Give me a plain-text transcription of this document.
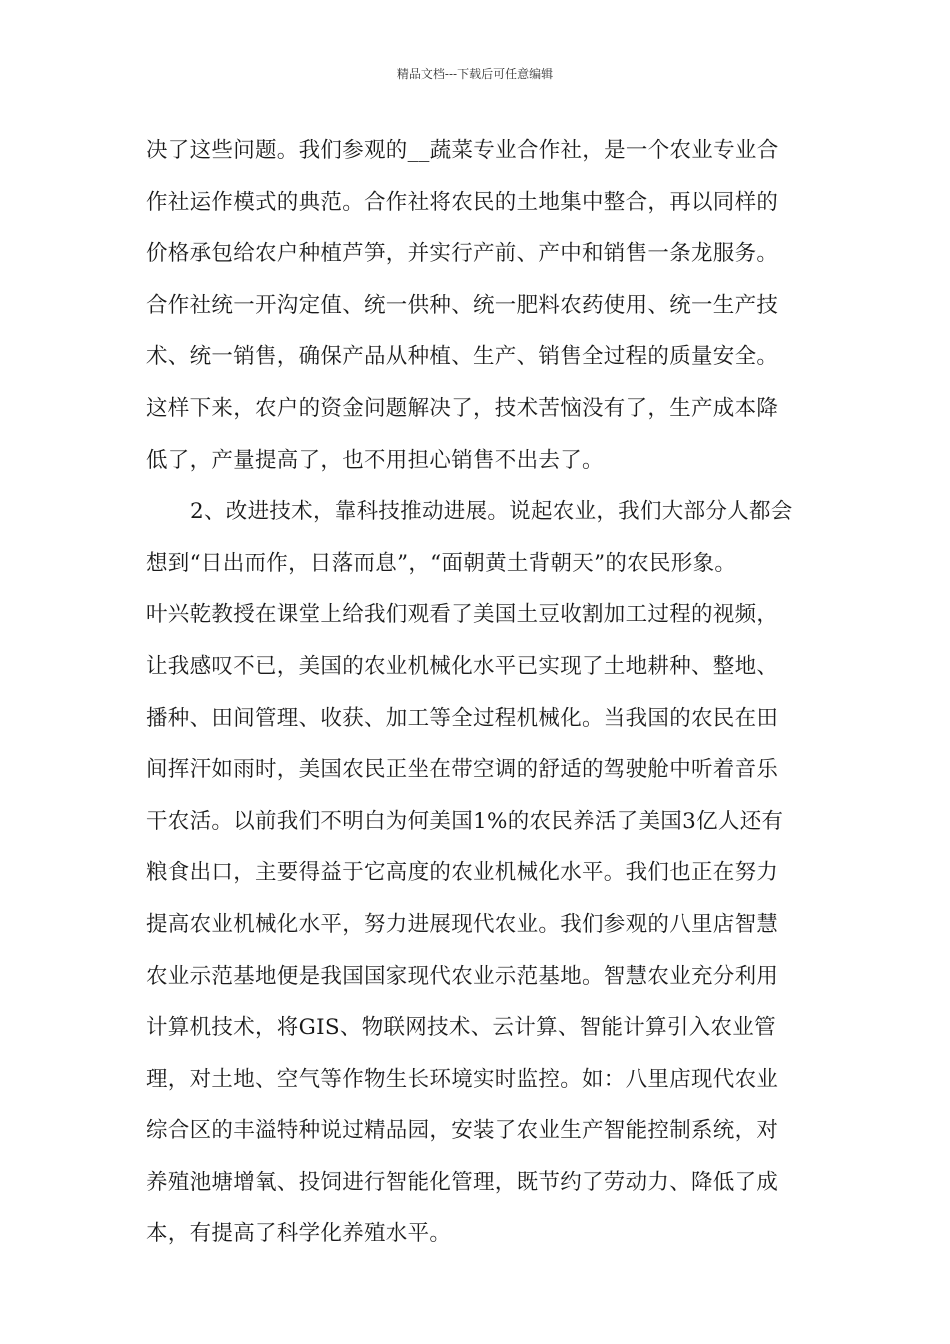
精品文档---下载后可任意编辑
决了这些问题。我们参观的__蔬菜专业合作社，是一个农业专业合
作社运作模式的典范。合作社将农民的土地集中整合，再以同样的
价格承包给农户种植芦笋，并实行产前、产中和销售一条龙服务。
合作社统一开沟定值、统一供种、统一肥料农药使用、统一生产技
术、统一销售，确保产品从种植、生产、销售全过程的质量安全。
这样下来，农户的资金问题解决了，技术苦恼没有了，生产成本降
低了，产量提高了，也不用担心销售不出去了。
2、改进技术，靠科技推动进展。说起农业，我们大部分人都会
想到“日出而作，日落而息”，“面朝黄土背朝天”的农民形象。
叶兴乾教授在课堂上给我们观看了美国土豆收割加工过程的视频，
让我感叹不已，美国的农业机械化水平已实现了土地耕种、整地、
播种、田间管理、收获、加工等全过程机械化。当我国的农民在田
间挥汗如雨时，美国农民正坐在带空调的舒适的驾驶舱中听着音乐
干农活。以前我们不明白为何美国1%的农民养活了美国3亿人还有
粮食出口，主要得益于它高度的农业机械化水平。我们也正在努力
提高农业机械化水平，努力进展现代农业。我们参观的八里店智慧
农业示范基地便是我国国家现代农业示范基地。智慧农业充分利用
计算机技术，将GIS、物联网技术、云计算、智能计算引入农业管
理，对土地、空气等作物生长环境实时监控。如：八里店现代农业
综合区的丰溢特种说过精品园，安装了农业生产智能控制系统，对
养殖池塘增氧、投饲进行智能化管理，既节约了劳动力、降低了成
本，有提高了科学化养殖水平。
